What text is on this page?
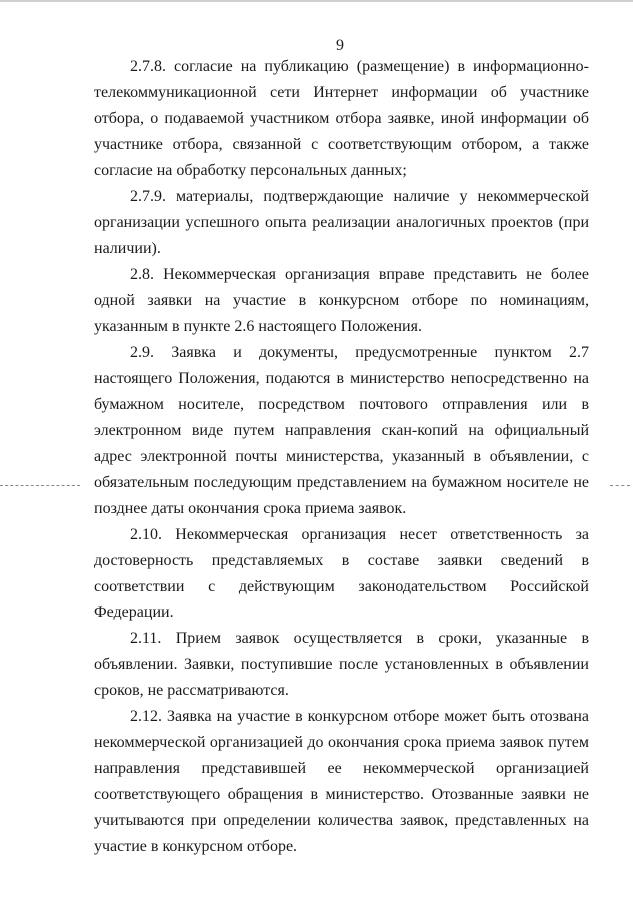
9

2.7.8. согласие на публикацию (размещение) в информационно-телекоммуникационной сети Интернет информации об участнике отбора, о подаваемой участником отбора заявке, иной информации об участнике отбора, связанной с соответствующим отбором, а также согласие на обработку персональных данных;

2.7.9. материалы, подтверждающие наличие у некоммерческой организации успешного опыта реализации аналогичных проектов (при наличии).

2.8. Некоммерческая организация вправе представить не более одной заявки на участие в конкурсном отборе по номинациям, указанным в пункте 2.6 настоящего Положения.

2.9. Заявка и документы, предусмотренные пунктом 2.7 настоящего Положения, подаются в министерство непосредственно на бумажном носителе, посредством почтового отправления или в электронном виде путем направления скан-копий на официальный адрес электронной почты министерства, указанный в объявлении, с обязательным последующим представлением на бумажном носителе не позднее даты окончания срока приема заявок.

2.10. Некоммерческая организация несет ответственность за достоверность представляемых в составе заявки сведений в соответствии с действующим законодательством Российской Федерации.

2.11. Прием заявок осуществляется в сроки, указанные в объявлении. Заявки, поступившие после установленных в объявлении сроков, не рассматриваются.

2.12. Заявка на участие в конкурсном отборе может быть отозвана некоммерческой организацией до окончания срока приема заявок путем направления представившей ее некоммерческой организацией соответствующего обращения в министерство. Отозванные заявки не учитываются при определении количества заявок, представленных на участие в конкурсном отборе.
